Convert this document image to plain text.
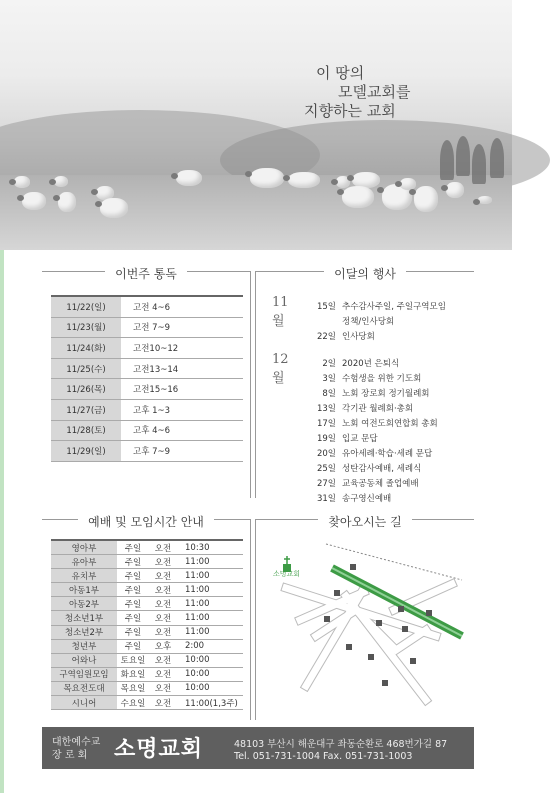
이 땅의
모델교회를
지향하는 교회
이번주 통독
11/22(일)	고전 4~6
11/23(월)	고전 7~9
11/24(화)	고전10~12
11/25(수)	고전13~14
11/26(목)	고전15~16
11/27(금)	고후 1~3
11/28(토)	고후 4~6
11/29(일)	고후 7~9
이달의 행사
11월
15일 추수감사주일, 주일구역모임
정책/인사당회
22일 인사당회
12월
2일 2020년 은퇴식
3일 수험생을 위한 기도회
8일 노회 장로회 정기월례회
13일 각기관 월례회·총회
17일 노회 여전도회연합회 총회
19일 입교 문답
20일 유아세례·학습·세례 문답
25일 성탄감사예배, 세례식
27일 교육공동체 졸업예배
31일 송구영신예배
예배 및 모임시간 안내
영아부	주일	오전	10:30
유아부	주일	오전	11:00
유치부	주일	오전	11:00
아동1부	주일	오전	11:00
아동2부	주일	오전	11:00
청소년1부	주일	오전	11:00
청소년2부	주일	오전	11:00
청년부	주일	오후	2:00
어와나	토요일	오전	10:00
구역임원모임	화요일	오전	10:00
목요전도대	목요일	오전	10:00
시니어	수요일	오전	11:00(1,3주)
찾아오시는 길
소명교회
대한예수교
장 로 회	소명교회	48103 부산시 해운대구 좌동순환로 468번가길 87
Tel. 051-731-1004 Fax. 051-731-1003
